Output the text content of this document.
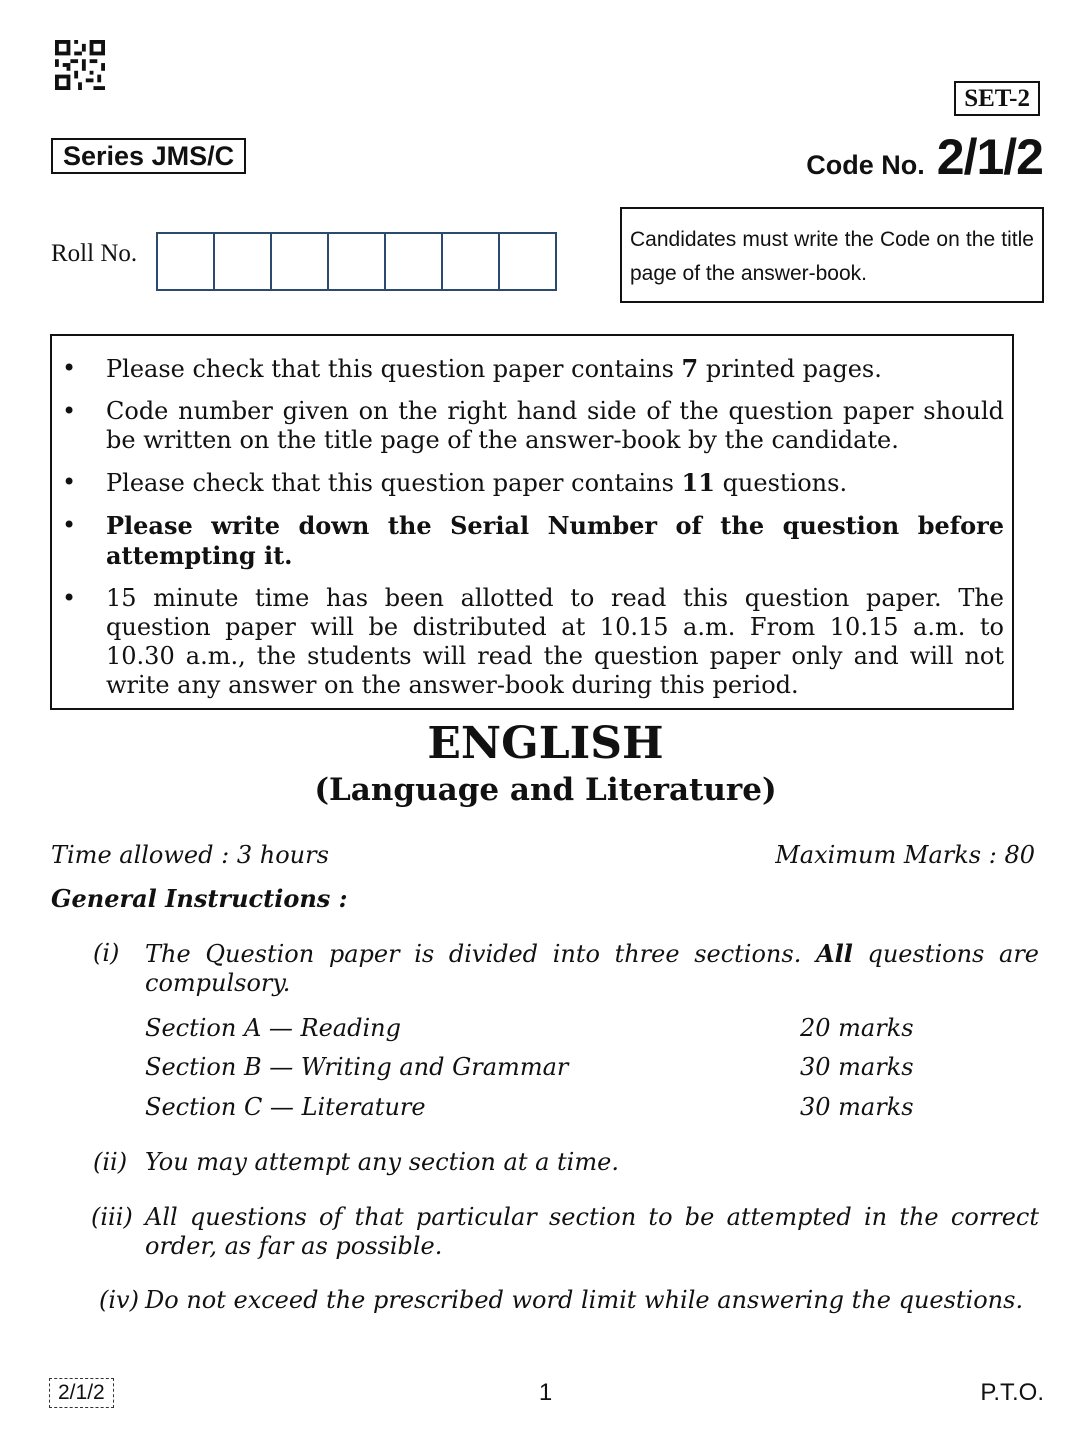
SET-2
Series JMS/C	Code No. 2/1/2
Roll No.
Candidates must write the Code on the title page of the answer-book.
• Please check that this question paper contains 7 printed pages.
• Code number given on the right hand side of the question paper should be written on the title page of the answer-book by the candidate.
• Please check that this question paper contains 11 questions.
• Please write down the Serial Number of the question before attempting it.
• 15 minute time has been allotted to read this question paper. The question paper will be distributed at 10.15 a.m. From 10.15 a.m. to 10.30 a.m., the students will read the question paper only and will not write any answer on the answer-book during this period.
ENGLISH
(Language and Literature)
Time allowed : 3 hours	Maximum Marks : 80
General Instructions :
(i)	The Question paper is divided into three sections. All questions are compulsory.
Section A — Reading	20 marks
Section B — Writing and Grammar	30 marks
Section C — Literature	30 marks
(ii) You may attempt any section at a time.
(iii) All questions of that particular section to be attempted in the correct order, as far as possible.
(iv) Do not exceed the prescribed word limit while answering the questions.
2/1/2	1	P.T.O.
